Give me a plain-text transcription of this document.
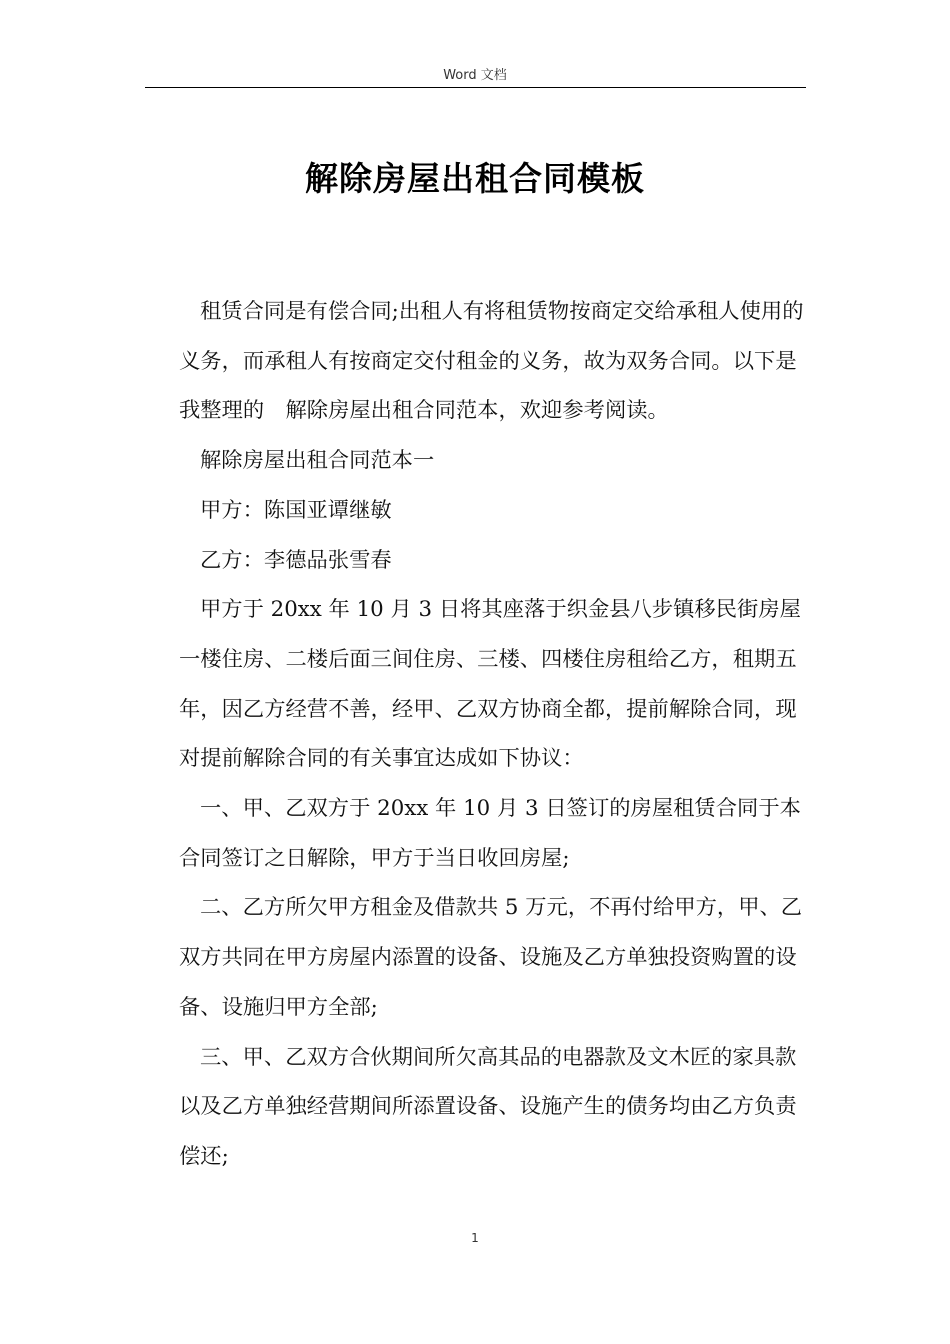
Word 文档
解除房屋出租合同模板

租赁合同是有偿合同;出租人有将租赁物按商定交给承租人使用的义务，而承租人有按商定交付租金的义务，故为双务合同。以下是我整理的　解除房屋出租合同范本，欢迎参考阅读。

解除房屋出租合同范本一

甲方：陈国亚谭继敏

乙方：李德品张雪春

甲方于 20xx 年 10 月 3 日将其座落于织金县八步镇移民街房屋一楼住房、二楼后面三间住房、三楼、四楼住房租给乙方，租期五年，因乙方经营不善，经甲、乙双方协商全都，提前解除合同，现对提前解除合同的有关事宜达成如下协议：

一、甲、乙双方于 20xx 年 10 月 3 日签订的房屋租赁合同于本合同签订之日解除，甲方于当日收回房屋;

二、乙方所欠甲方租金及借款共 5 万元，不再付给甲方，甲、乙双方共同在甲方房屋内添置的设备、设施及乙方单独投资购置的设备、设施归甲方全部;

三、甲、乙双方合伙期间所欠高其品的电器款及文木匠的家具款以及乙方单独经营期间所添置设备、设施产生的债务均由乙方负责偿还;

1
